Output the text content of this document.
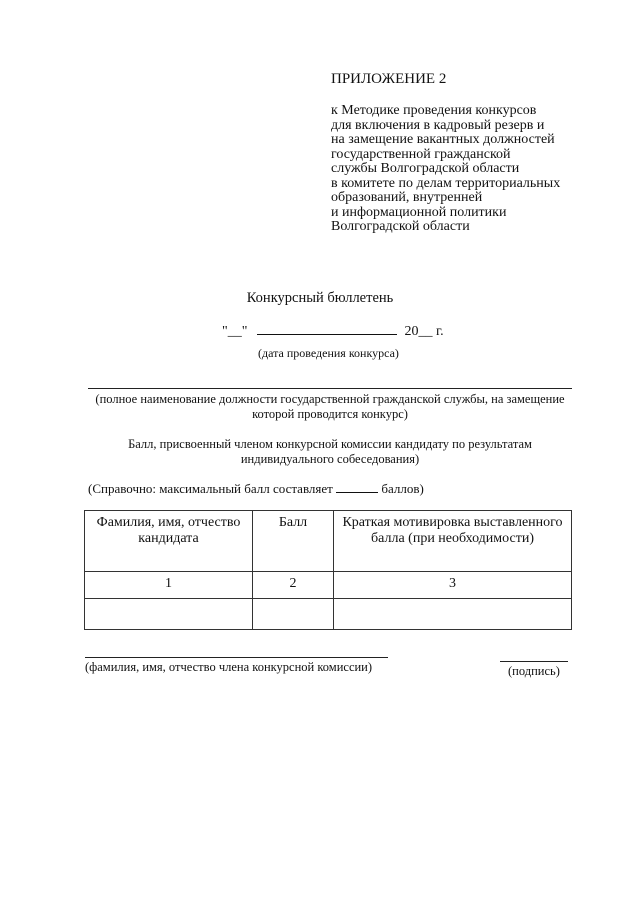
ПРИЛОЖЕНИЕ 2
к Методике проведения конкурсов
для включения в кадровый резерв и
на замещение вакантных должностей
государственной гражданской
службы Волгоградской области
в комитете по делам территориальных
образований, внутренней
и информационной политики
Волгоградской области
Конкурсный бюллетень
"__"	20__ г.
(дата проведения конкурса)
(полное наименование должности государственной гражданской службы, на замещение которой проводится конкурс)
Балл, присвоенный членом конкурсной комиссии кандидату по результатам индивидуального собеседования)
(Справочно: максимальный балл составляет	баллов)
Фамилия, имя, отчество кандидата	Балл	Краткая мотивировка выставленного балла (при необходимости)
1	2	3

(фамилия, имя, отчество члена конкурсной комиссии)	(подпись)
